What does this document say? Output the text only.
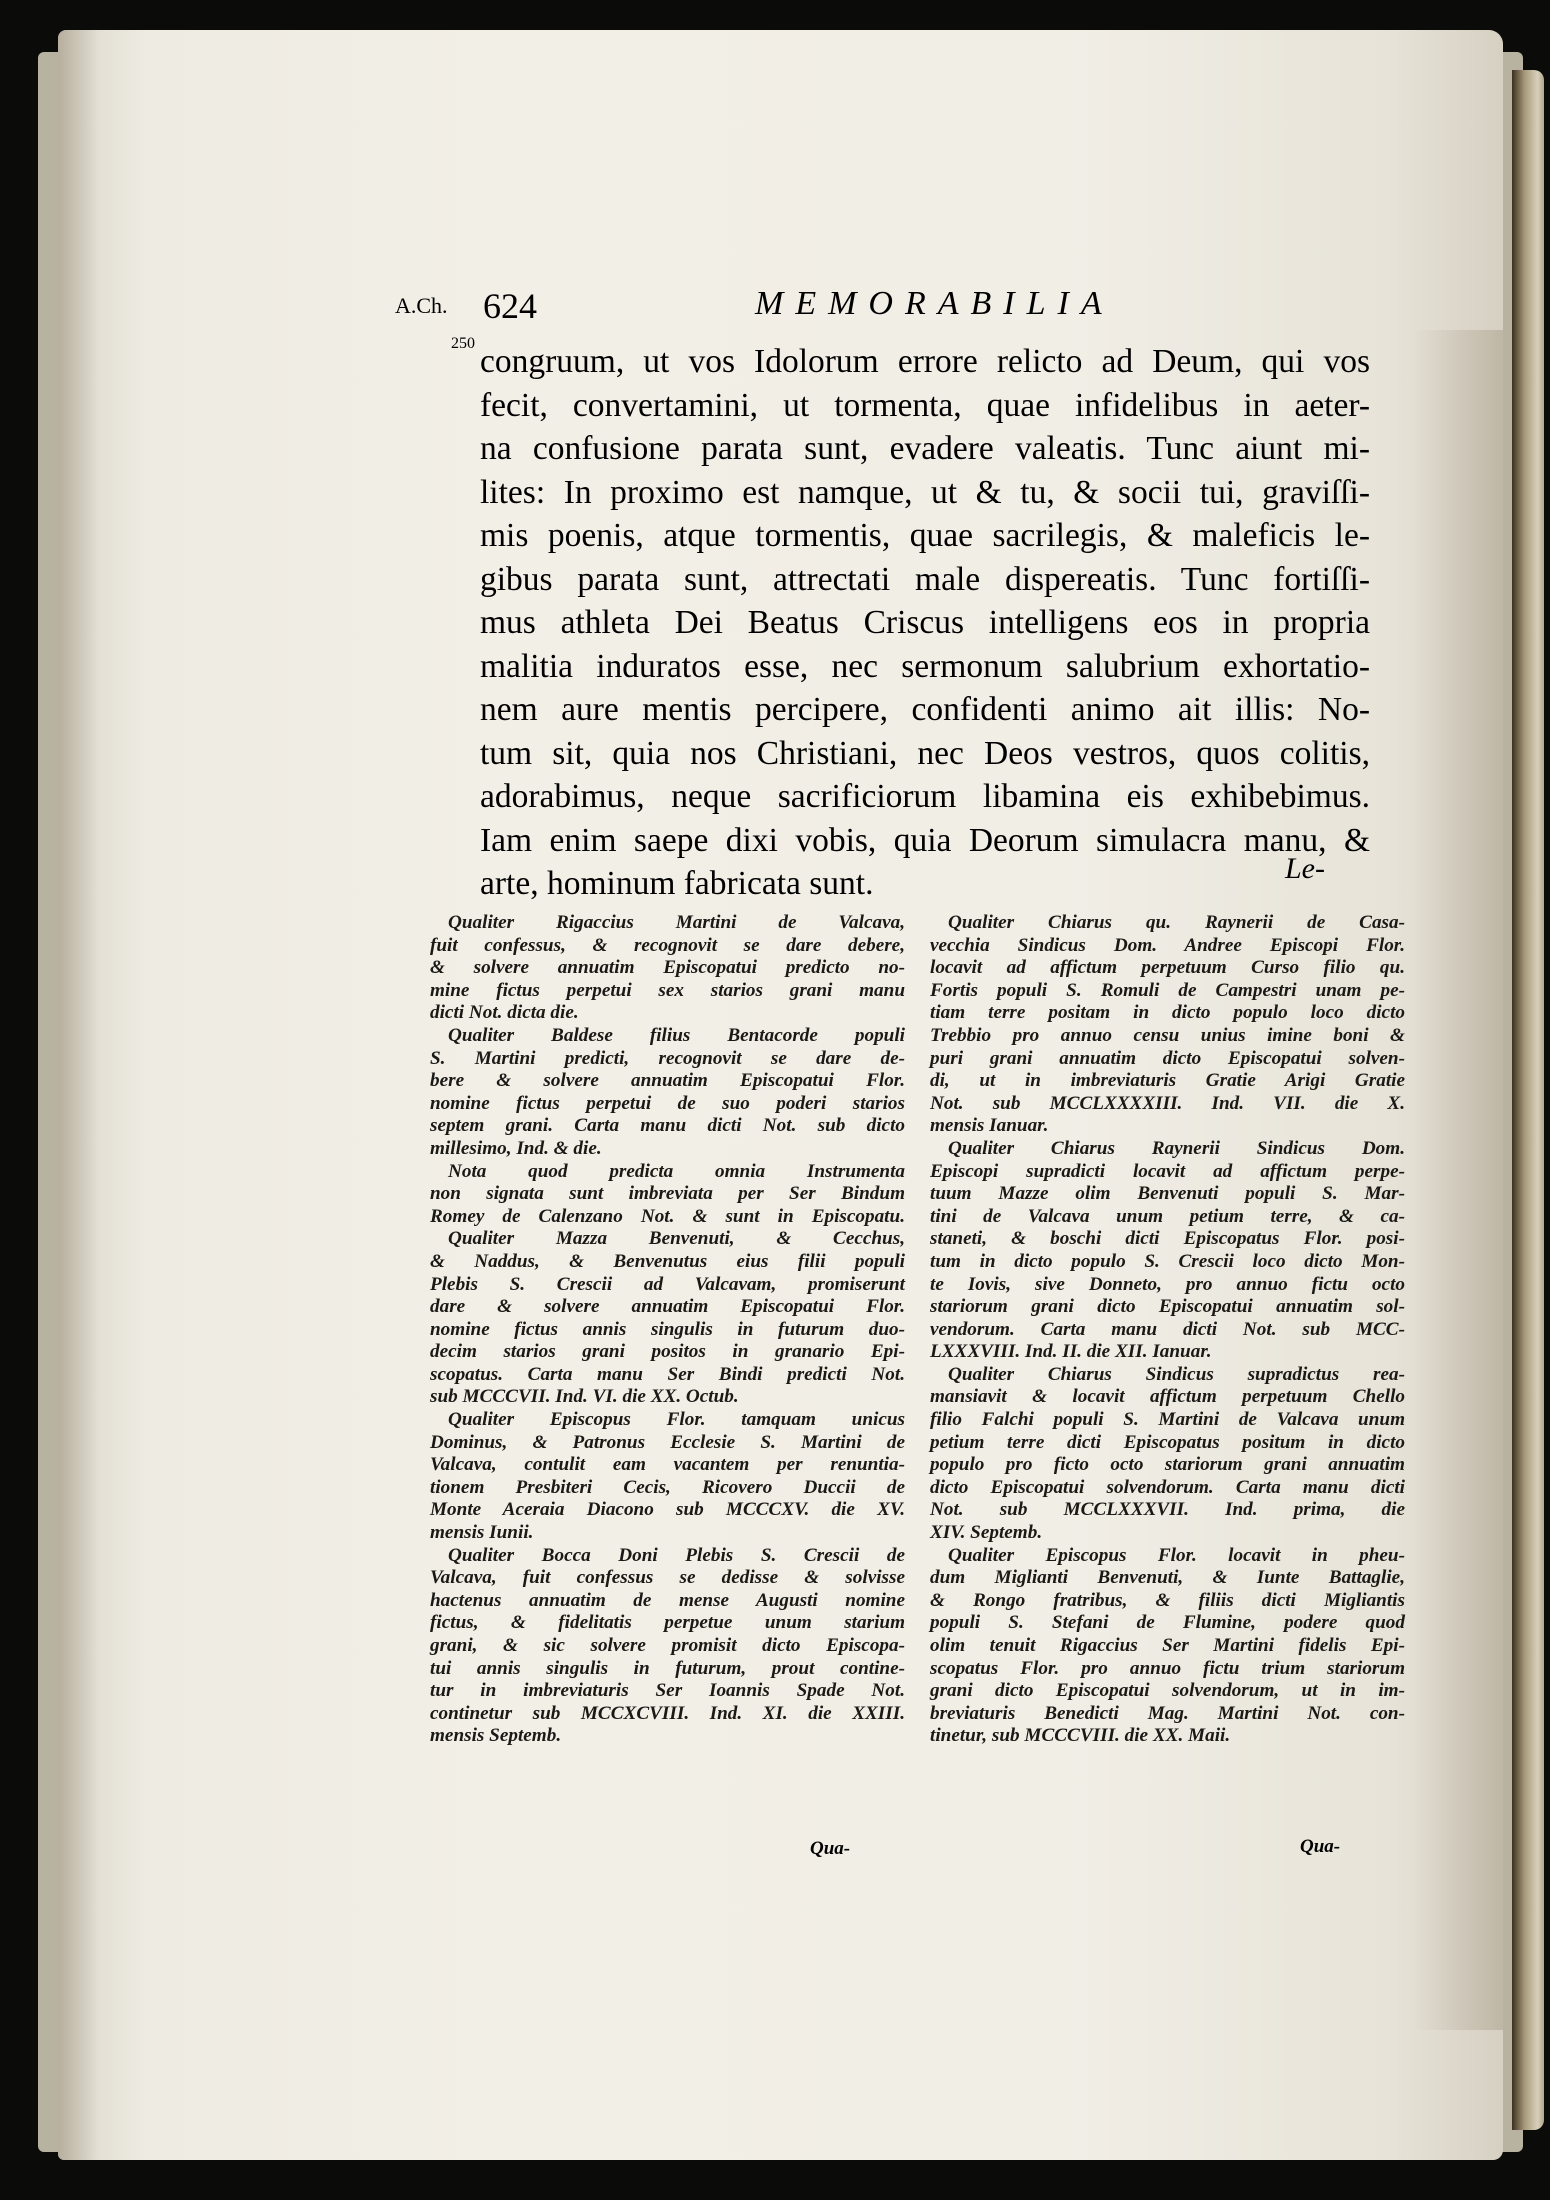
A.Ch. 624	MEMORABILIA
250 congruum, ut vos Idolorum errore relicto ad Deum, qui vos
fecit, convertamini, ut tormenta, quae infidelibus in aeter-
na confusione parata sunt, evadere valeatis. Tunc aiunt mi-
lites: In proximo est namque, ut & tu, & socii tui, graviſſi-
mis poenis, atque tormentis, quae sacrilegis, & maleficis le-
gibus parata sunt, attrectati male dispereatis. Tunc fortiſſi-
mus athleta Dei Beatus Criscus intelligens eos in propria
malitia induratos esse, nec sermonum salubrium exhortatio-
nem aure mentis percipere, confidenti animo ait illis: No-
tum sit, quia nos Christiani, nec Deos vestros, quos colitis,
adorabimus, neque sacrificiorum libamina eis exhibebimus.
Iam enim saepe dixi vobis, quia Deorum simulacra manu, &
arte, hominum fabricata sunt.	Le-
Qualiter Rigaccius Martini de Valcava,
fuit confessus, & recognovit se dare debere,
& solvere annuatim Episcopatui predicto no-
mine fictus perpetui sex starios grani manu
dicti Not. dicta die.
Qualiter Baldese filius Bentacorde populi
S. Martini predicti, recognovit se dare de-
bere & solvere annuatim Episcopatui Flor.
nomine fictus perpetui de suo poderi starios
septem grani. Carta manu dicti Not. sub dicto
millesimo, Ind. & die.
Nota quod predicta omnia Instrumenta
non signata sunt imbreviata per Ser Bindum
Romey de Calenzano Not. & sunt in Episcopatu.
Qualiter Mazza Benvenuti, & Cecchus,
& Naddus, & Benvenutus eius filii populi
Plebis S. Crescii ad Valcavam, promiserunt
dare & solvere annuatim Episcopatui Flor.
nomine fictus annis singulis in futurum duo-
decim starios grani positos in granario Epi-
scopatus. Carta manu Ser Bindi predicti Not.
sub MCCCVII. Ind. VI. die XX. Octub.
Qualiter Episcopus Flor. tamquam unicus
Dominus, & Patronus Ecclesie S. Martini de
Valcava, contulit eam vacantem per renuntia-
tionem Presbiteri Cecis, Ricovero Duccii de
Monte Aceraia Diacono sub MCCCXV. die XV.
mensis Iunii.
Qualiter Bocca Doni Plebis S. Crescii de
Valcava, fuit confessus se dedisse & solvisse
hactenus annuatim de mense Augusti nomine
fictus, & fidelitatis perpetue unum starium
grani, & sic solvere promisit dicto Episcopa-
tui annis singulis in futurum, prout contine-
tur in imbreviaturis Ser Ioannis Spade Not.
continetur sub MCCXCVIII. Ind. XI. die XXIII.
mensis Septemb.
Qua-
Qualiter Chiarus qu. Raynerii de Casa-
vecchia Sindicus Dom. Andree Episcopi Flor.
locavit ad affictum perpetuum Curso filio qu.
Fortis populi S. Romuli de Campestri unam pe-
tiam terre positam in dicto populo loco dicto
Trebbio pro annuo censu unius imine boni &
puri grani annuatim dicto Episcopatui solven-
di, ut in imbreviaturis Gratie Arigi Gratie
Not. sub MCCLXXXXIII. Ind. VII. die X.
mensis Ianuar.
Qualiter Chiarus Raynerii Sindicus Dom.
Episcopi supradicti locavit ad affictum perpe-
tuum Mazze olim Benvenuti populi S. Mar-
tini de Valcava unum petium terre, & ca-
staneti, & boschi dicti Episcopatus Flor. posi-
tum in dicto populo S. Crescii loco dicto Mon-
te Iovis, sive Donneto, pro annuo fictu octo
stariorum grani dicto Episcopatui annuatim sol-
vendorum. Carta manu dicti Not. sub MCC-
LXXXVIII. Ind. II. die XII. Ianuar.
Qualiter Chiarus Sindicus supradictus rea-
mansiavit & locavit affictum perpetuum Chello
filio Falchi populi S. Martini de Valcava unum
petium terre dicti Episcopatus positum in dicto
populo pro ficto octo stariorum grani annuatim
dicto Episcopatui solvendorum. Carta manu dicti
Not. sub MCCLXXXVII. Ind. prima, die
XIV. Septemb.
Qualiter Episcopus Flor. locavit in pheu-
dum Miglianti Benvenuti, & Iunte Battaglie,
& Rongo fratribus, & filiis dicti Migliantis
populi S. Stefani de Flumine, podere quod
olim tenuit Rigaccius Ser Martini fidelis Epi-
scopatus Flor. pro annuo fictu trium stariorum
grani dicto Episcopatui solvendorum, ut in im-
breviaturis Benedicti Mag. Martini Not. con-
tinetur, sub MCCCVIII. die XX. Maii.
Qua-
